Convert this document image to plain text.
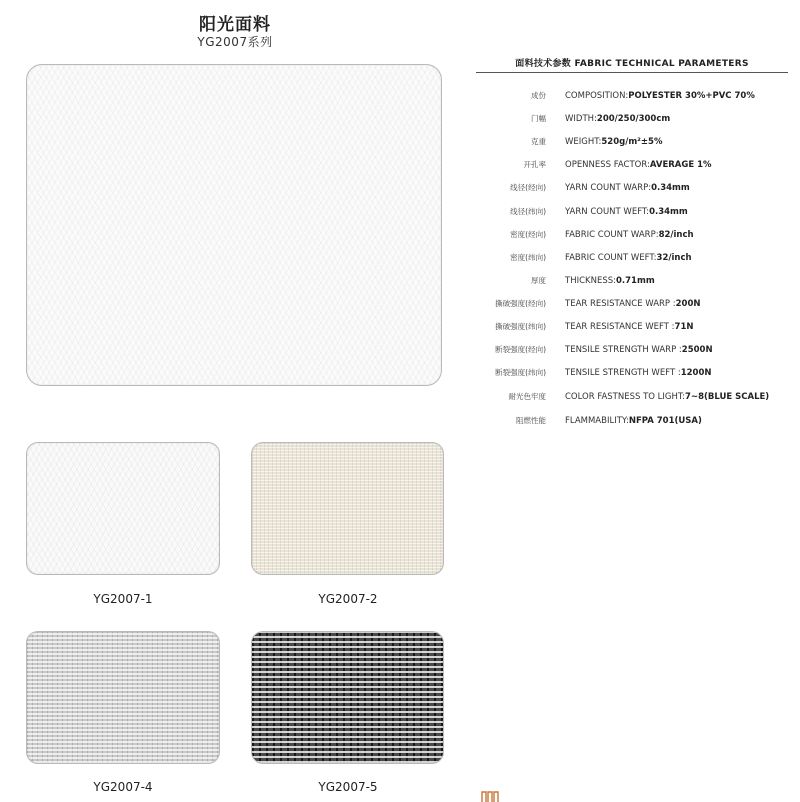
阳光面料
YG2007系列
YG2007-1	YG2007-2
YG2007-4	YG2007-5
面料技术参数 FABRIC TECHNICAL PARAMETERS
成份 COMPOSITION:POLYESTER 30%+PVC 70%
门幅 WIDTH:200/250/300cm
克重 WEIGHT:520g/m²±5%
开孔率 OPENNESS FACTOR:AVERAGE 1%
线径(经向) YARN COUNT WARP:0.34mm
线径(纬向) YARN COUNT WEFT:0.34mm
密度(经向) FABRIC COUNT WARP:82/inch
密度(纬向) FABRIC COUNT WEFT:32/inch
厚度 THICKNESS:0.71mm
撕破强度(经向) TEAR RESISTANCE WARP :200N
撕破强度(纬向) TEAR RESISTANCE WEFT :71N
断裂强度(经向) TENSILE STRENGTH WARP :2500N
断裂强度(纬向) TENSILE STRENGTH WEFT :1200N
耐光色牢度 COLOR FASTNESS TO LIGHT:7~8(BLUE SCALE)
阻燃性能 FLAMMABILITY:NFPA 701(USA)
